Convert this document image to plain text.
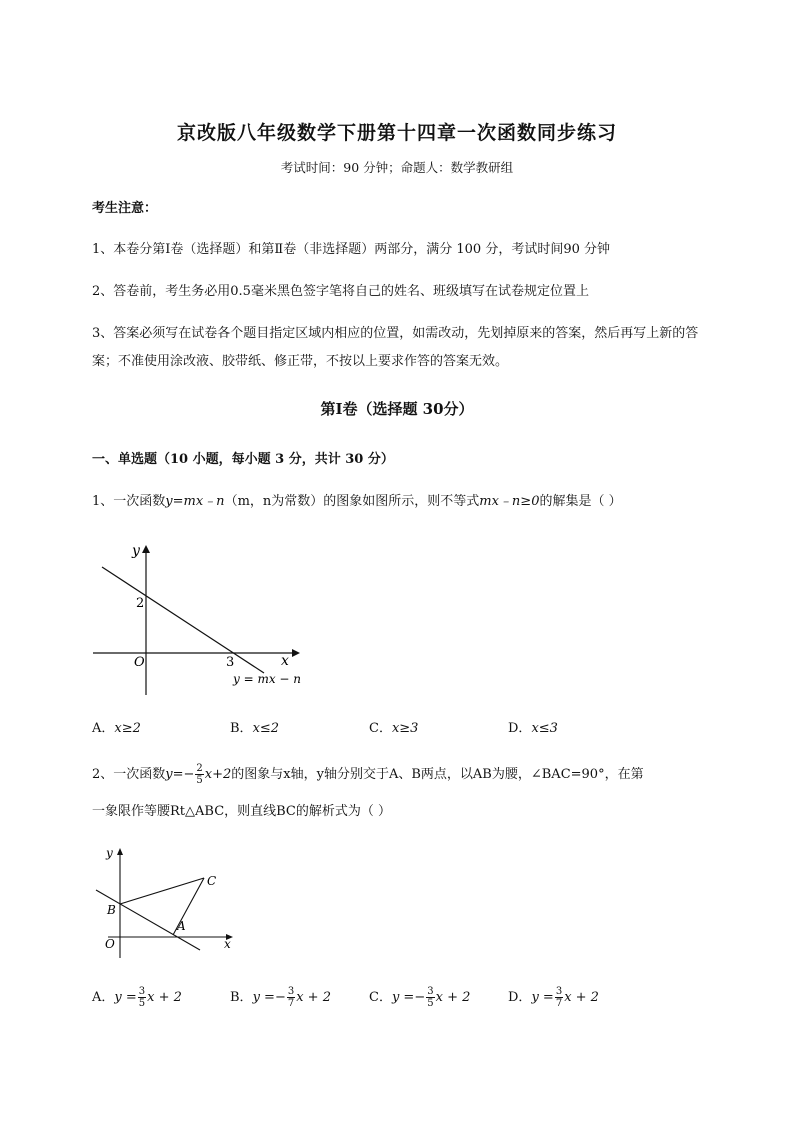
京改版八年级数学下册第十四章一次函数同步练习
考试时间：90 分钟；命题人：数学教研组
考生注意：
1、本卷分第Ⅰ卷（选择题）和第Ⅱ卷（非选择题）两部分，满分 100 分，考试时间90 分钟
2、答卷前，考生务必用0.5毫米黑色签字笔将自己的姓名、班级填写在试卷规定位置上
3、答案必须写在试卷各个题目指定区域内相应的位置，如需改动，先划掉原来的答案，然后再写上新的答案；不准使用涂改液、胶带纸、修正带，不按以上要求作答的答案无效。
第Ⅰ卷（选择题 30分）
一、单选题（10 小题，每小题 3 分，共计 30 分）
1、一次函数y=mx﹣n（m，n为常数）的图象如图所示，则不等式mx﹣n≥0的解集是（ ）
y
x
O
2
3
y = mx − n
A．x≥2	B．x≤2	C．x≥3	D．x≤3
2、一次函数$y=- \frac{2}{5} x+2$的图象与x轴，y轴分别交于A、B两点，以AB为腰，∠BAC=90°，在第
一象限作等腰Rt△ABC，则直线BC的解析式为（ ）
y
x
O
B
C
A
A．$y = \frac{3}{5}$ x + 2	B．$y =- \frac{3}{7}$ x + 2	C．$y =- \frac{3}{5}$ x + 2	D．$y = \frac{3}{7}$ x + 2
